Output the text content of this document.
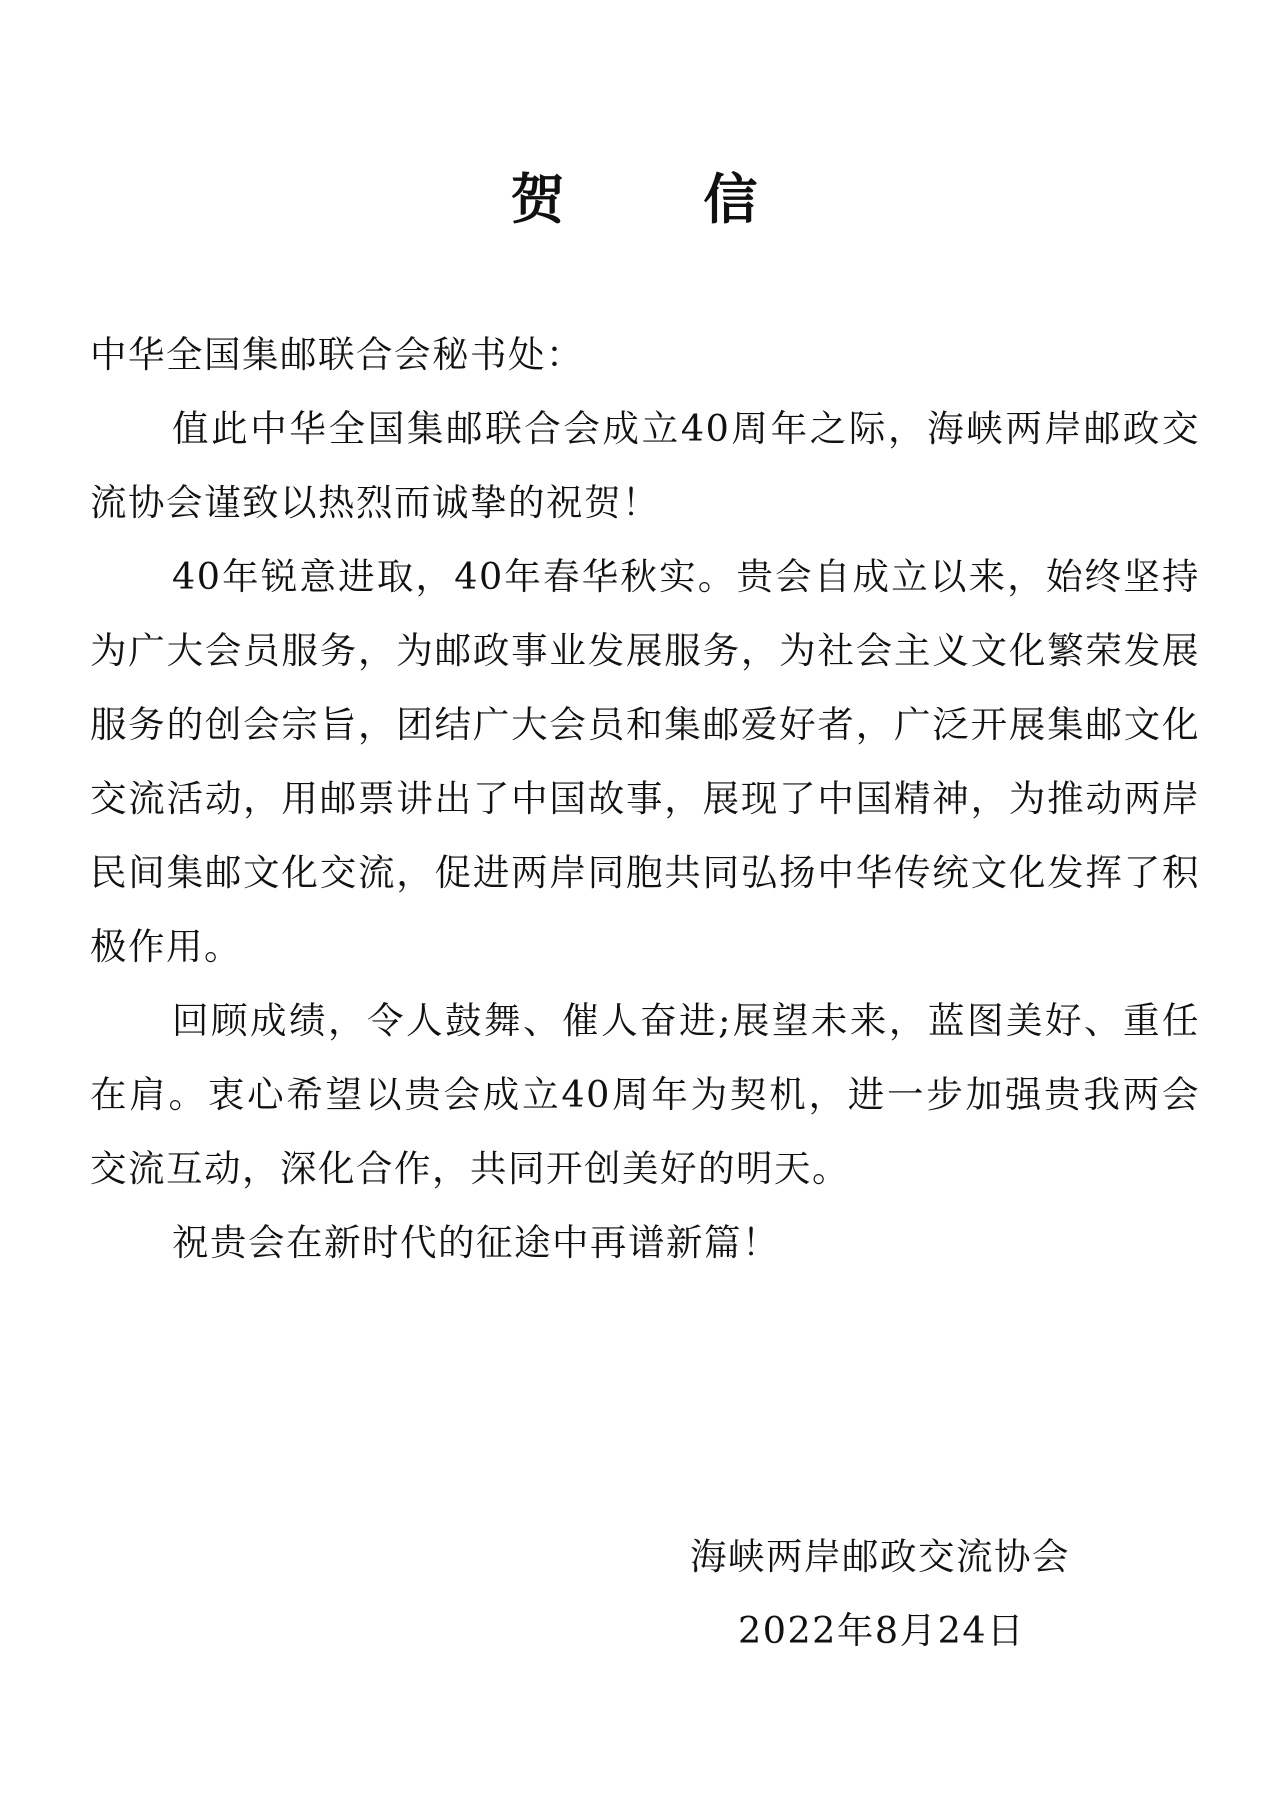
贺 信

中华全国集邮联合会秘书处：

值此中华全国集邮联合会成立40周年之际，海峡两岸邮政交流协会谨致以热烈而诚挚的祝贺！

40年锐意进取，40年春华秋实。贵会自成立以来，始终坚持为广大会员服务，为邮政事业发展服务，为社会主义文化繁荣发展服务的创会宗旨，团结广大会员和集邮爱好者，广泛开展集邮文化交流活动，用邮票讲出了中国故事，展现了中国精神，为推动两岸民间集邮文化交流，促进两岸同胞共同弘扬中华传统文化发挥了积极作用。

回顾成绩，令人鼓舞、催人奋进;展望未来，蓝图美好、重任在肩。衷心希望以贵会成立40周年为契机，进一步加强贵我两会交流互动，深化合作，共同开创美好的明天。

祝贵会在新时代的征途中再谱新篇！

海峡两岸邮政交流协会
2022年8月24日
